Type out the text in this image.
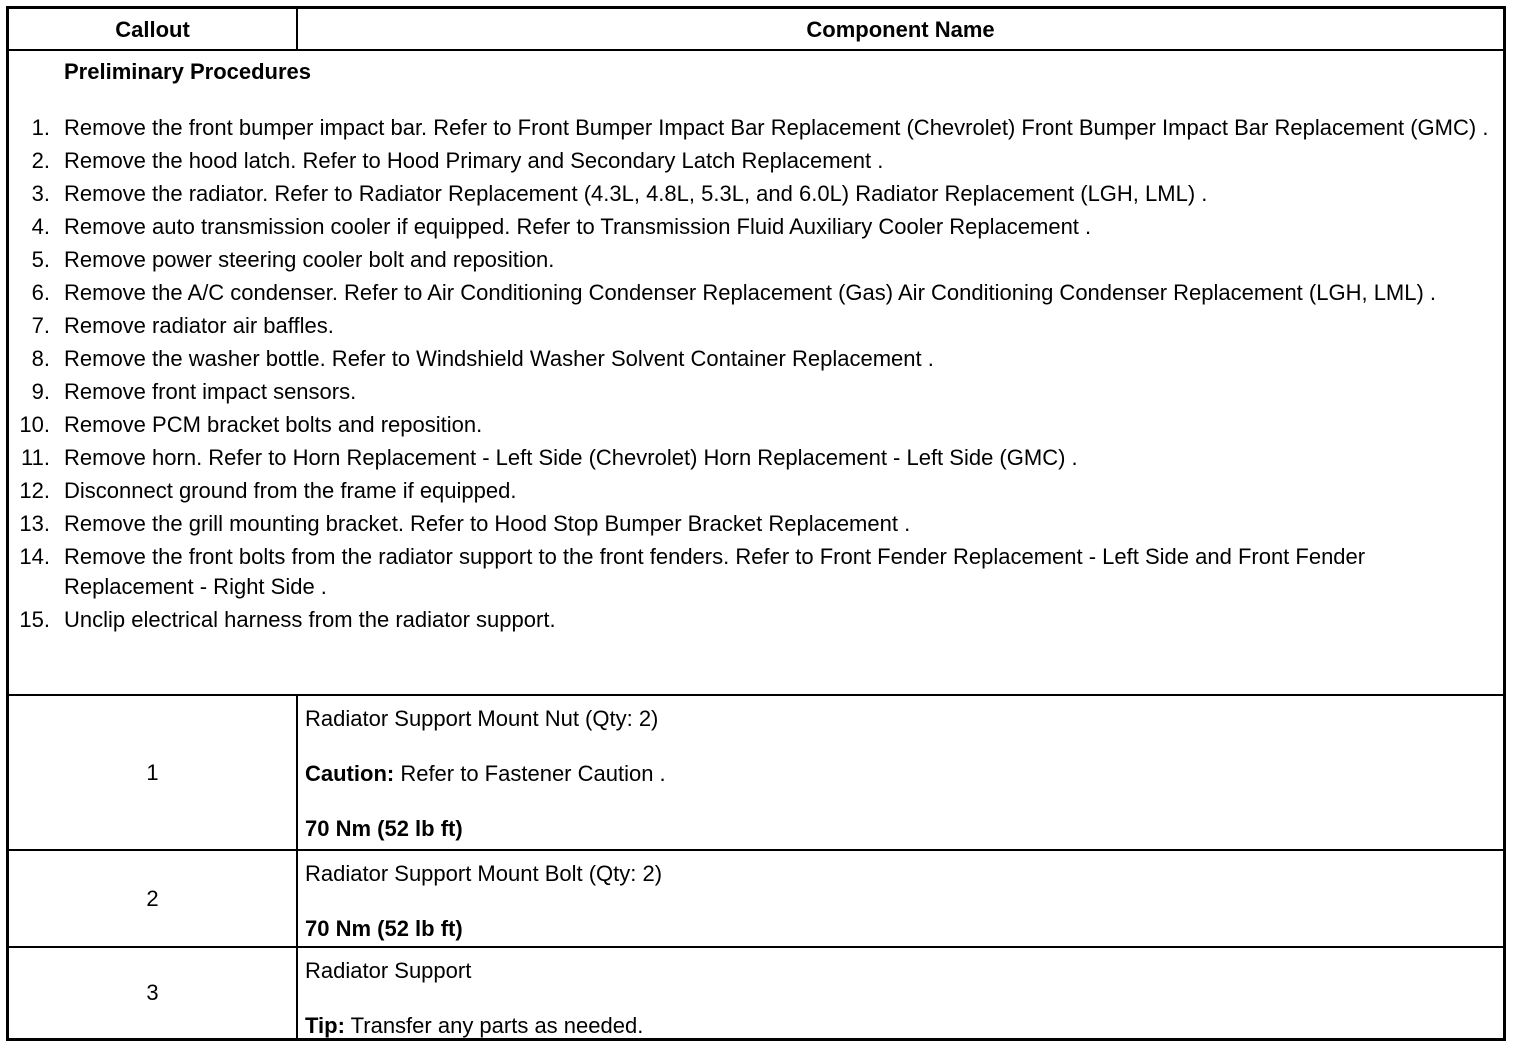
Callout	Component Name
Preliminary Procedures
1. Remove the front bumper impact bar. Refer to Front Bumper Impact Bar Replacement (Chevrolet) Front Bumper Impact Bar Replacement (GMC) .
2. Remove the hood latch. Refer to Hood Primary and Secondary Latch Replacement .
3. Remove the radiator. Refer to Radiator Replacement (4.3L, 4.8L, 5.3L, and 6.0L) Radiator Replacement (LGH, LML) .
4. Remove auto transmission cooler if equipped. Refer to Transmission Fluid Auxiliary Cooler Replacement .
5. Remove power steering cooler bolt and reposition.
6. Remove the A/C condenser. Refer to Air Conditioning Condenser Replacement (Gas) Air Conditioning Condenser Replacement (LGH, LML) .
7. Remove radiator air baffles.
8. Remove the washer bottle. Refer to Windshield Washer Solvent Container Replacement .
9. Remove front impact sensors.
10. Remove PCM bracket bolts and reposition.
11. Remove horn. Refer to Horn Replacement - Left Side (Chevrolet) Horn Replacement - Left Side (GMC) .
12. Disconnect ground from the frame if equipped.
13. Remove the grill mounting bracket. Refer to Hood Stop Bumper Bracket Replacement .
14. Remove the front bolts from the radiator support to the front fenders. Refer to Front Fender Replacement - Left Side and Front Fender Replacement - Right Side .
15. Unclip electrical harness from the radiator support.
1

Radiator Support Mount Nut (Qty: 2)

Caution: Refer to Fastener Caution .

70 Nm (52 lb ft)

2

Radiator Support Mount Bolt (Qty: 2)

70 Nm (52 lb ft)

3

Radiator Support

Tip: Transfer any parts as needed.
